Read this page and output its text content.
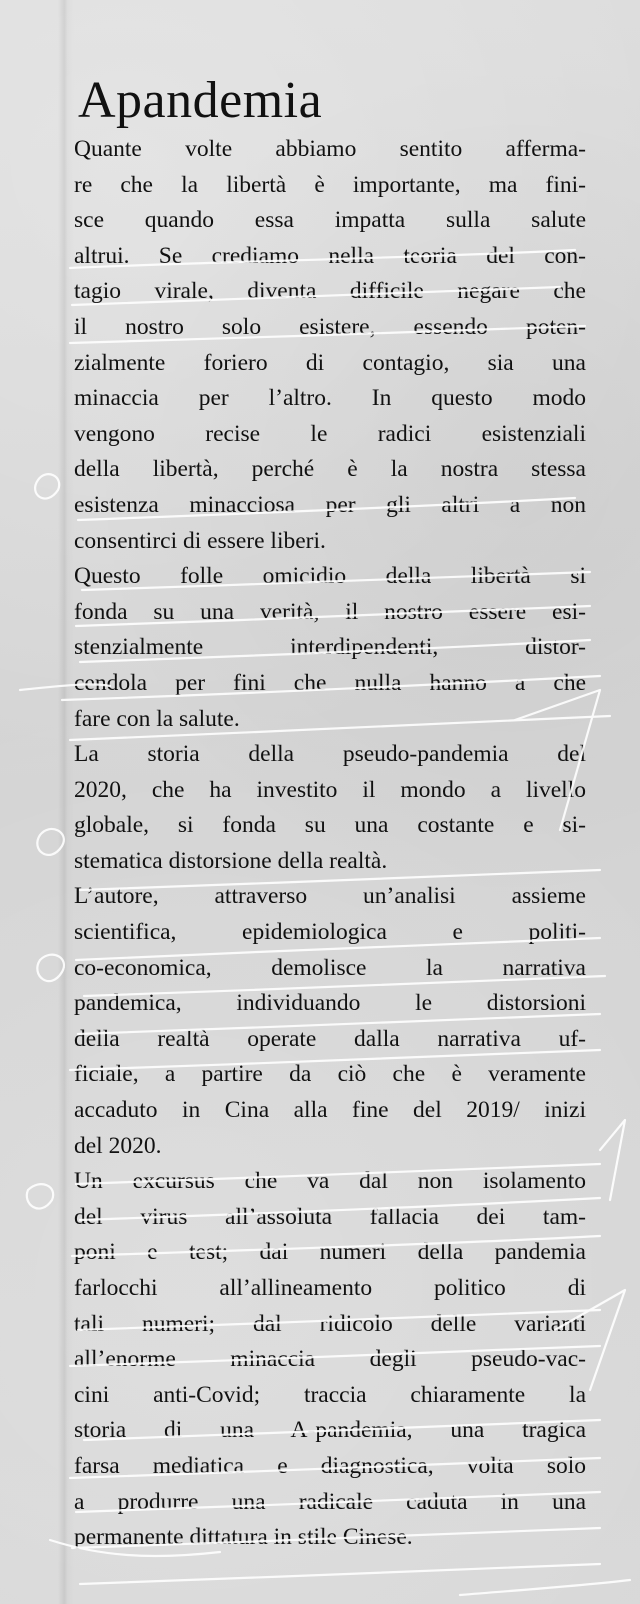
Apandemia
Quante volte abbiamo sentito afferma-
re che la libertà è importante, ma fini-
sce quando essa impatta sulla salute
altrui. Se crediamo nella teoria del con-
tagio virale, diventa difficile negare che
il nostro solo esistere, essendo poten-
zialmente foriero di contagio, sia una
minaccia per l’altro. In questo modo
vengono recise le radici esistenziali
della libertà, perché è la nostra stessa
esistenza minacciosa per gli altri a non
consentirci di essere liberi.
Questo folle omicidio della libertà si
fonda su una verità, il nostro essere esi-
stenzialmente interdipendenti, distor-
cendola per fini che nulla hanno a che
fare con la salute.
La storia della pseudo-pandemia del
2020, che ha investito il mondo a livello
globale, si fonda su una costante e si-
stematica distorsione della realtà.
L’autore, attraverso un’analisi assieme
scientifica, epidemiologica e politi-
co-economica, demolisce la narrativa
pandemica, individuando le distorsioni
della realtà operate dalla narrativa uf-
ficiale, a partire da ciò che è veramente
accaduto in Cina alla fine del 2019/ inizi
del 2020.
Un excursus che va dal non isolamento
del virus all’assoluta fallacia dei tam-
poni e test; dai numeri della pandemia
farlocchi all’allineamento politico di
tali numeri; dal ridicolo delle varianti
all’enorme minaccia degli pseudo-vac-
cini anti-Covid; traccia chiaramente la
storia di una A-pandemia, una tragica
farsa mediatica e diagnostica, volta solo
a produrre una radicale caduta in una
permanente dittatura in stile Cinese.
